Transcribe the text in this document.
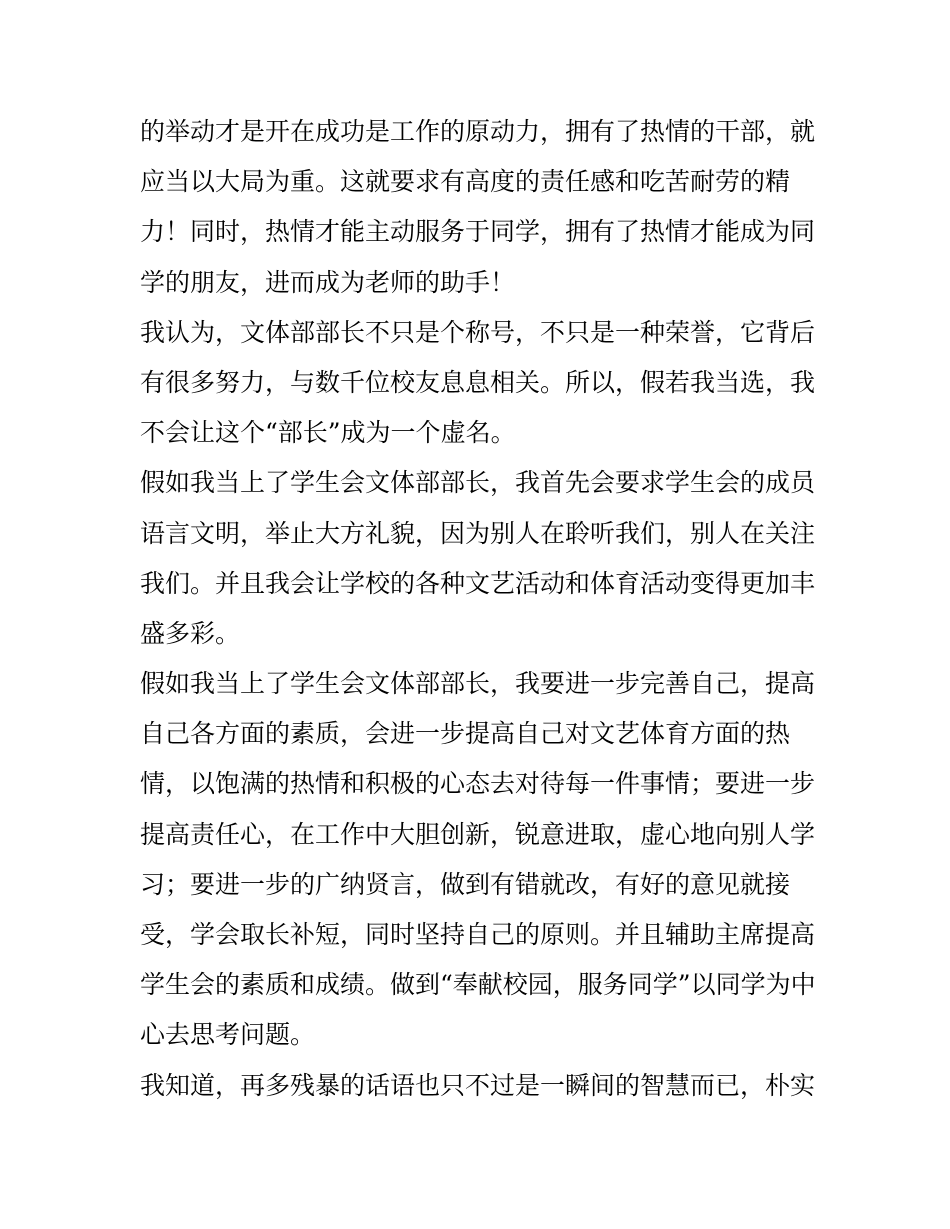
的举动才是开在成功是工作的原动力，拥有了热情的干部，就
应当以大局为重。这就要求有高度的责任感和吃苦耐劳的精
力！同时，热情才能主动服务于同学，拥有了热情才能成为同
学的朋友，进而成为老师的助手！
我认为，文体部部长不只是个称号，不只是一种荣誉，它背后
有很多努力，与数千位校友息息相关。所以，假若我当选，我
不会让这个“部长”成为一个虚名。
假如我当上了学生会文体部部长，我首先会要求学生会的成员
语言文明，举止大方礼貌，因为别人在聆听我们，别人在关注
我们。并且我会让学校的各种文艺活动和体育活动变得更加丰
盛多彩。
假如我当上了学生会文体部部长，我要进一步完善自己，提高
自己各方面的素质，会进一步提高自己对文艺体育方面的热
情，以饱满的热情和积极的心态去对待每一件事情；要进一步
提高责任心，在工作中大胆创新，锐意进取，虚心地向别人学
习；要进一步的广纳贤言，做到有错就改，有好的意见就接
受，学会取长补短，同时坚持自己的原则。并且辅助主席提高
学生会的素质和成绩。做到“奉献校园，服务同学”以同学为中
心去思考问题。
我知道，再多残暴的话语也只不过是一瞬间的智慧而已，朴实
